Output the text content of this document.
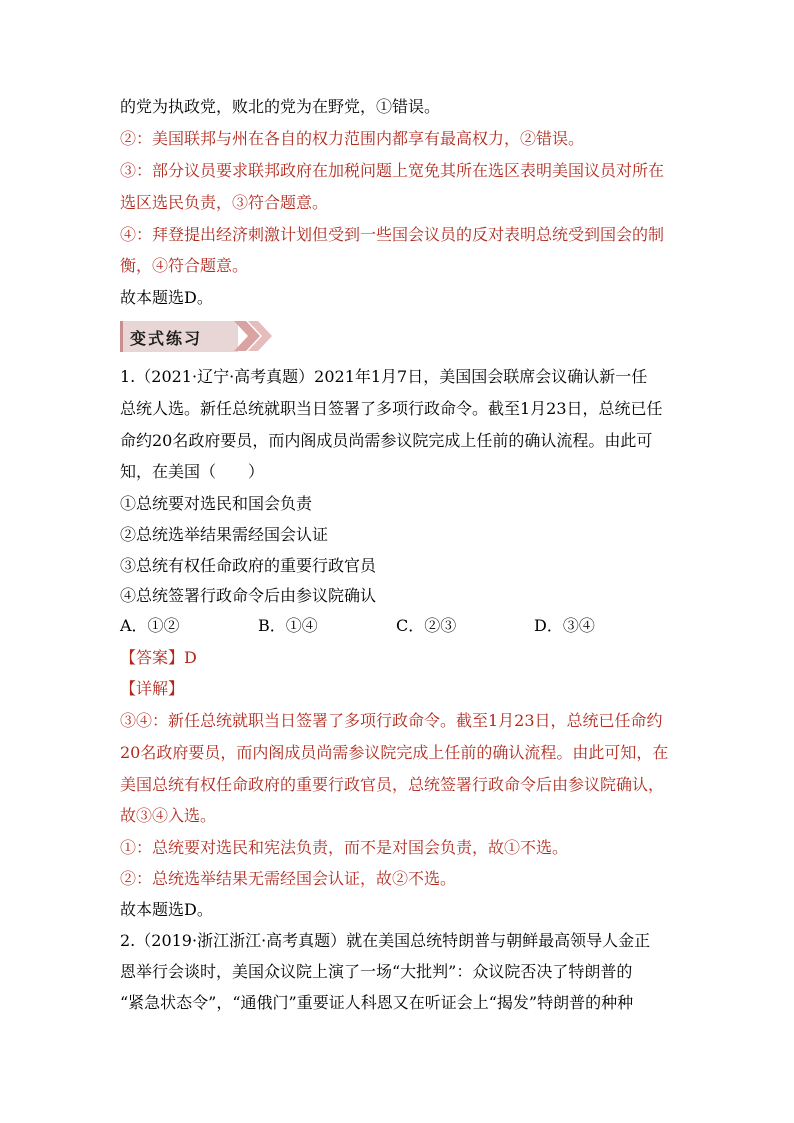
的党为执政党，败北的党为在野党，①错误。
②：美国联邦与州在各自的权力范围内都享有最高权力，②错误。
③：部分议员要求联邦政府在加税问题上宽免其所在选区表明美国议员对所在
选区选民负责，③符合题意。
④：拜登提出经济刺激计划但受到一些国会议员的反对表明总统受到国会的制
衡，④符合题意。
故本题选D。
变式练习
1.（2021·辽宁·高考真题）2021年1月7日，美国国会联席会议确认新一任
总统人选。新任总统就职当日签署了多项行政命令。截至1月23日，总统已任
命约20名政府要员，而内阁成员尚需参议院完成上任前的确认流程。由此可
知，在美国（　　）
①总统要对选民和国会负责
②总统选举结果需经国会认证
③总统有权任命政府的重要行政官员
④总统签署行政命令后由参议院确认
A．①②	B．①④	C．②③	D．③④
【答案】D
【详解】
③④：新任总统就职当日签署了多项行政命令。截至1月23日，总统已任命约
20名政府要员，而内阁成员尚需参议院完成上任前的确认流程。由此可知，在
美国总统有权任命政府的重要行政官员，总统签署行政命令后由参议院确认，
故③④入选。
①：总统要对选民和宪法负责，而不是对国会负责，故①不选。
②：总统选举结果无需经国会认证，故②不选。
故本题选D。
2.（2019·浙江浙江·高考真题）就在美国总统特朗普与朝鲜最高领导人金正
恩举行会谈时，美国众议院上演了一场“大批判”：众议院否决了特朗普的
“紧急状态令”，“通俄门”重要证人科恩又在听证会上“揭发”特朗普的种种
